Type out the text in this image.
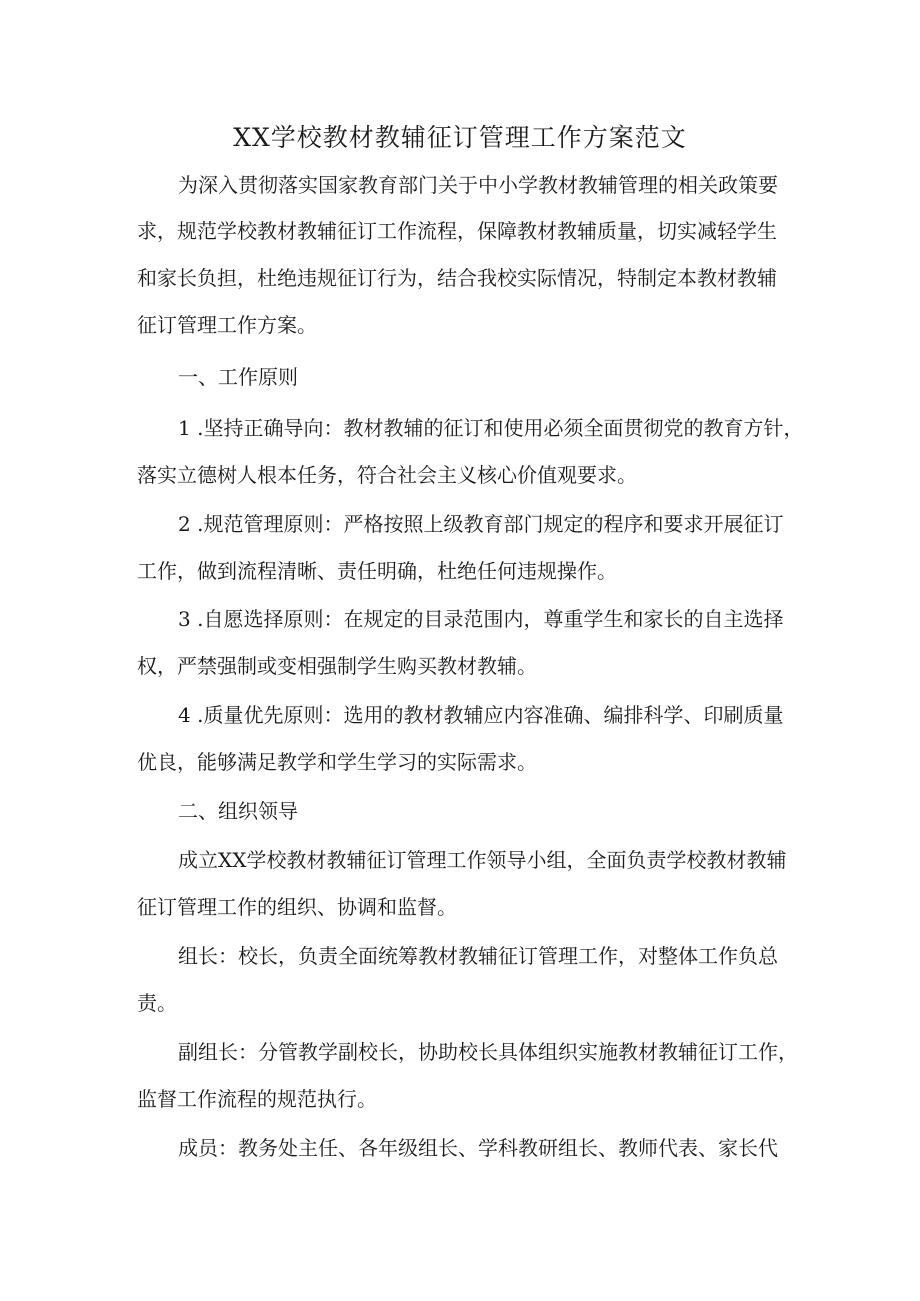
XX学校教材教辅征订管理工作方案范文
为深入贯彻落实国家教育部门关于中小学教材教辅管理的相关政策要
求，规范学校教材教辅征订工作流程，保障教材教辅质量，切实减轻学生
和家长负担，杜绝违规征订行为，结合我校实际情况，特制定本教材教辅
征订管理工作方案。
一、工作原则
1 .坚持正确导向：教材教辅的征订和使用必须全面贯彻党的教育方针，
落实立德树人根本任务，符合社会主义核心价值观要求。
2 .规范管理原则：严格按照上级教育部门规定的程序和要求开展征订
工作，做到流程清晰、责任明确，杜绝任何违规操作。
3 .自愿选择原则：在规定的目录范围内，尊重学生和家长的自主选择
权，严禁强制或变相强制学生购买教材教辅。
4 .质量优先原则：选用的教材教辅应内容准确、编排科学、印刷质量
优良，能够满足教学和学生学习的实际需求。
二、组织领导
成立XX学校教材教辅征订管理工作领导小组，全面负责学校教材教辅
征订管理工作的组织、协调和监督。
组长：校长，负责全面统筹教材教辅征订管理工作，对整体工作负总
责。
副组长：分管教学副校长，协助校长具体组织实施教材教辅征订工作，
监督工作流程的规范执行。
成员：教务处主任、各年级组长、学科教研组长、教师代表、家长代
